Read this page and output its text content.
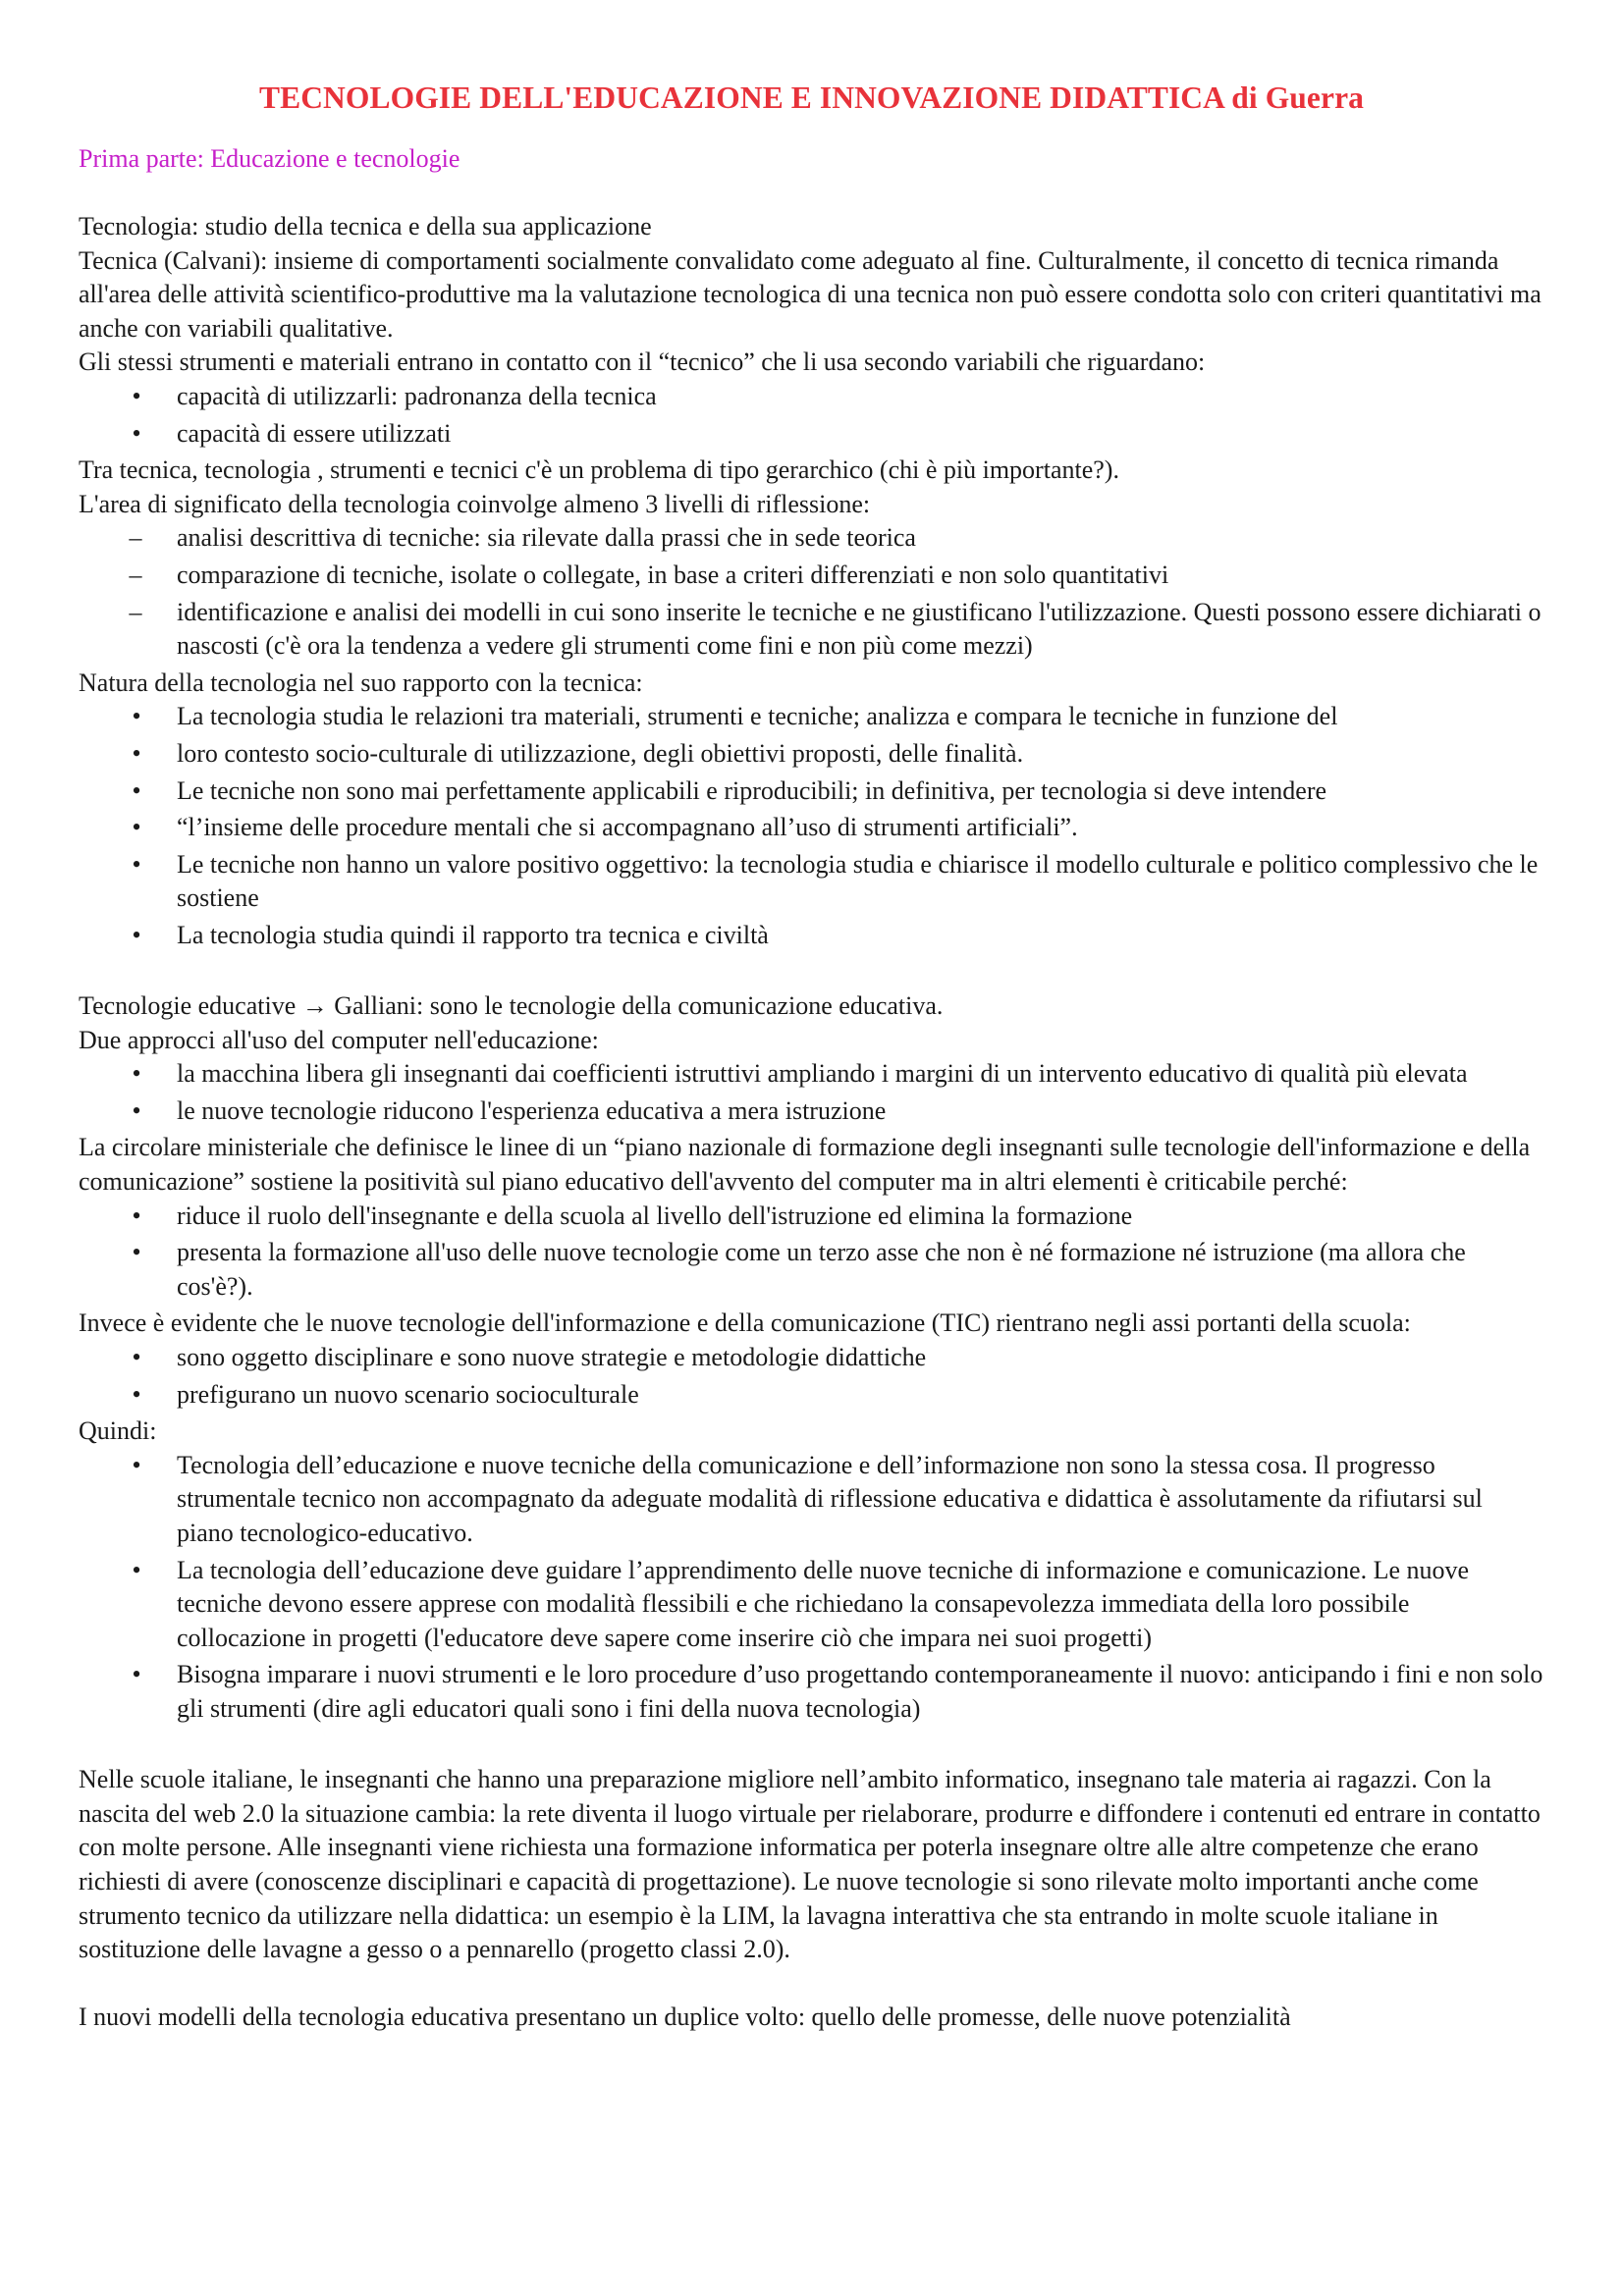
TECNOLOGIE DELL'EDUCAZIONE E INNOVAZIONE DIDATTICA di Guerra
Prima parte: Educazione e tecnologie

Tecnologia: studio della tecnica e della sua applicazione

Tecnica (Calvani): insieme di comportamenti socialmente convalidato come adeguato al fine. Culturalmente, il concetto di tecnica rimanda all'area delle attività scientifico-produttive ma la valutazione tecnologica di una tecnica non può essere condotta solo con criteri quantitativi ma anche con variabili qualitative.

Gli stessi strumenti e materiali entrano in contatto con il “tecnico” che li usa secondo variabili che riguardano:

• capacità di utilizzarli: padronanza della tecnica
• capacità di essere utilizzati

Tra tecnica, tecnologia , strumenti e tecnici c'è un problema di tipo gerarchico (chi è più importante?).

L'area di significato della tecnologia coinvolge almeno 3 livelli di riflessione:

– analisi descrittiva di tecniche: sia rilevate dalla prassi che in sede teorica
– comparazione di tecniche, isolate o collegate, in base a criteri differenziati e non solo quantitativi
– identificazione e analisi dei modelli in cui sono inserite le tecniche e ne giustificano l'utilizzazione. Questi possono essere dichiarati o nascosti (c'è ora la tendenza a vedere gli strumenti come fini e non più come mezzi)

Natura della tecnologia nel suo rapporto con la tecnica:

• La tecnologia studia le relazioni tra materiali, strumenti e tecniche; analizza e compara le tecniche in funzione del
• loro contesto socio-culturale di utilizzazione, degli obiettivi proposti, delle finalità.
• Le tecniche non sono mai perfettamente applicabili e riproducibili; in definitiva, per tecnologia si deve intendere
• “l’insieme delle procedure mentali che si accompagnano all’uso di strumenti artificiali”.
• Le tecniche non hanno un valore positivo oggettivo: la tecnologia studia e chiarisce il modello culturale e politico complessivo che le sostiene
• La tecnologia studia quindi il rapporto tra tecnica e civiltà

Tecnologie educative → Galliani: sono le tecnologie della comunicazione educativa.

Due approcci all'uso del computer nell'educazione:

• la macchina libera gli insegnanti dai coefficienti istruttivi ampliando i margini di un intervento educativo di qualità più elevata
• le nuove tecnologie riducono l'esperienza educativa a mera istruzione

La circolare ministeriale che definisce le linee di un “piano nazionale di formazione degli insegnanti sulle tecnologie dell'informazione e della comunicazione” sostiene la positività sul piano educativo dell'avvento del computer ma in altri elementi è criticabile perché:

• riduce il ruolo dell'insegnante e della scuola al livello dell'istruzione ed elimina la formazione
• presenta la formazione all'uso delle nuove tecnologie come un terzo asse che non è né formazione né istruzione (ma allora che cos'è?).

Invece è evidente che le nuove tecnologie dell'informazione e della comunicazione (TIC) rientrano negli assi portanti della scuola:

• sono oggetto disciplinare e sono nuove strategie e metodologie didattiche
• prefigurano un nuovo scenario socioculturale

Quindi:

• Tecnologia dell’educazione e nuove tecniche della comunicazione e dell’informazione non sono la stessa cosa. Il progresso strumentale tecnico non accompagnato da adeguate modalità di riflessione educativa e didattica è assolutamente da rifiutarsi sul piano tecnologico-educativo.
• La tecnologia dell’educazione deve guidare l’apprendimento delle nuove tecniche di informazione e comunicazione. Le nuove tecniche devono essere apprese con modalità flessibili e che richiedano la consapevolezza immediata della loro possibile collocazione in progetti (l'educatore deve sapere come inserire ciò che impara nei suoi progetti)
• Bisogna imparare i nuovi strumenti e le loro procedure d’uso progettando contemporaneamente il nuovo: anticipando i fini e non solo gli strumenti (dire agli educatori quali sono i fini della nuova tecnologia)

Nelle scuole italiane, le insegnanti che hanno una preparazione migliore nell’ambito informatico, insegnano tale materia ai ragazzi. Con la nascita del web 2.0 la situazione cambia: la rete diventa il luogo virtuale per rielaborare, produrre e diffondere i contenuti ed entrare in contatto con molte persone. Alle insegnanti viene richiesta una formazione informatica per poterla insegnare oltre alle altre competenze che erano richiesti di avere (conoscenze disciplinari e capacità di progettazione). Le nuove tecnologie si sono rilevate molto importanti anche come strumento tecnico da utilizzare nella didattica: un esempio è la LIM, la lavagna interattiva che sta entrando in molte scuole italiane in sostituzione delle lavagne a gesso o a pennarello (progetto classi 2.0).

I nuovi modelli della tecnologia educativa presentano un duplice volto: quello delle promesse, delle nuove potenzialità
